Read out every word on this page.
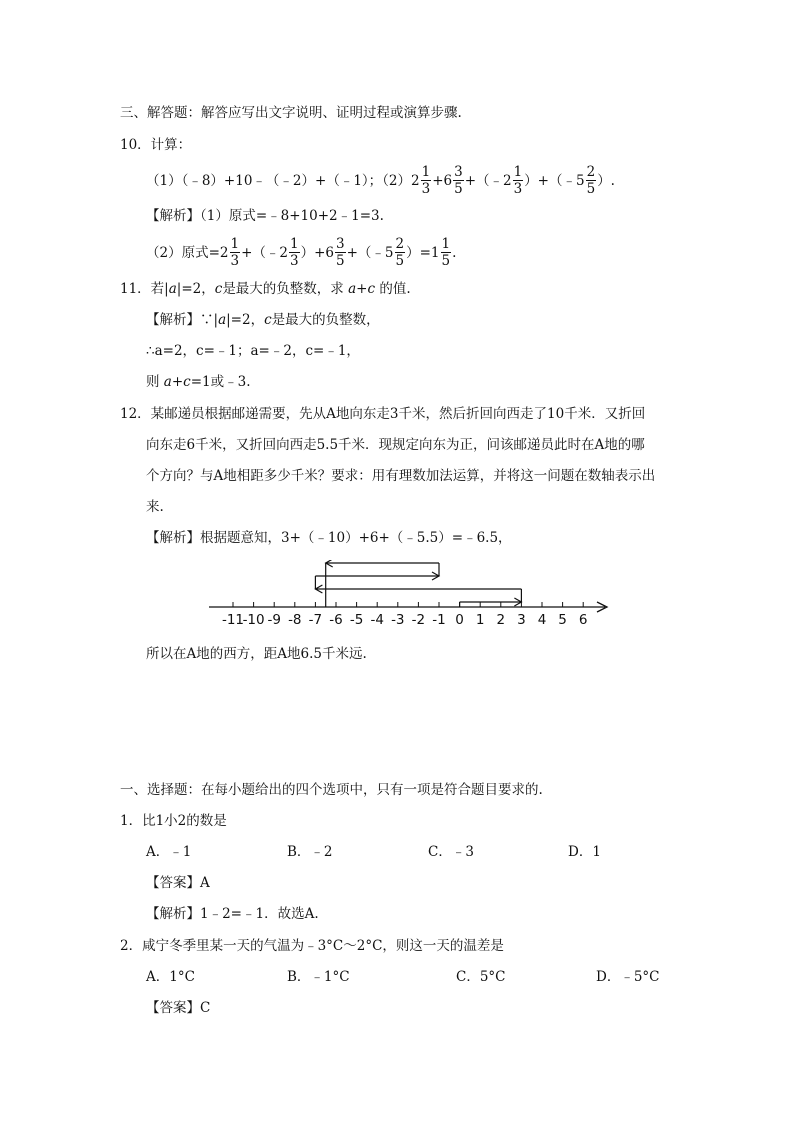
三、解答题：解答应写出文字说明、证明过程或演算步骤.
10．计算：
（1）（﹣8）+10﹣（﹣2）+（﹣1）；（2） $2 \frac{1}{3} +6 \frac{3}{5}$ +（﹣2 $\frac{1}{3}$ ）+（﹣5 $\frac{2}{5}$ ）.
【解析】（1）原式=﹣8+10+2﹣1=3.
（2）原式$=2 \frac{1}{3}$ +（﹣2 $\frac{1}{3} )+6 \frac{3}{5}$ +（﹣5 $\frac{2}{5} )=1 \frac{1}{5}$ .
11．若|a|=2，c是最大的负整数，求 a+c 的值.
【解析】∵|a|=2，c是最大的负整数，
∴a=2，c=﹣1；a=﹣2，c=﹣1，
则 a+c=1或﹣3.
12．某邮递员根据邮递需要，先从A地向东走3千米，然后折回向西走了10千米．又折回
向东走6千米，又折回向西走5.5千米．现规定向东为正，问该邮递员此时在A地的哪
个方向？与A地相距多少千米？要求：用有理数加法运算，并将这一问题在数轴表示出
来.
【解析】根据题意知，3+（﹣10）+6+（﹣5.5）=﹣6.5，
-11
-10 -9 -8 -7 -6 -5 -4 -3 -2 -1 0 1 2 3 4 5 6
所以在A地的西方，距A地6.5千米远.
一、选择题：在每小题给出的四个选项中，只有一项是符合题目要求的.
1．比1小2的数是
A．﹣1	B．﹣2	C．﹣3	D．1
【答案】A
【解析】1﹣2=﹣1．故选A.
2．咸宁冬季里某一天的气温为﹣3°C～2°C，则这一天的温差是
A．1°C	B．﹣1°C	C．5°C	D．﹣5°C
【答案】C
